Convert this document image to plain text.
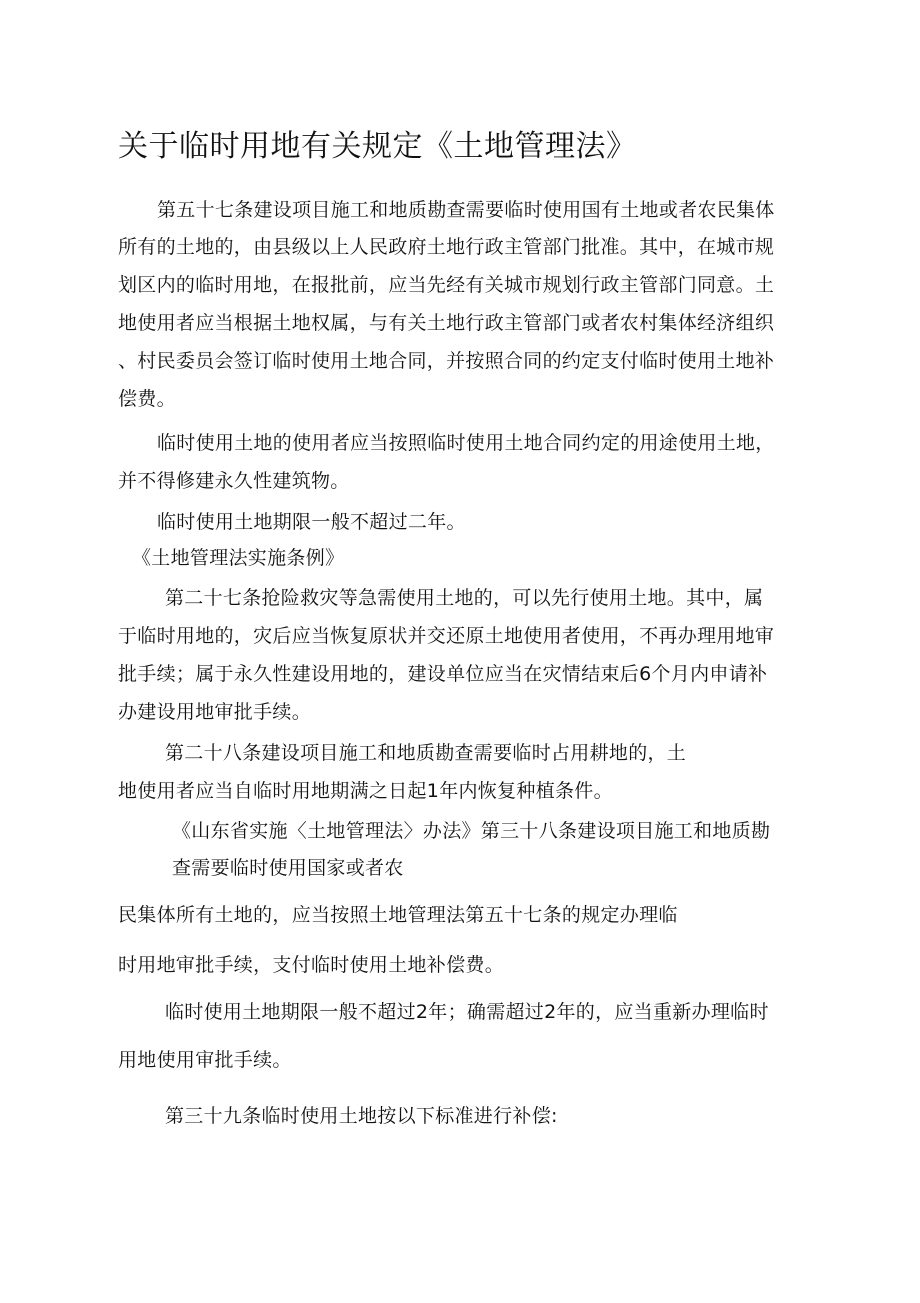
关于临时用地有关规定《土地管理法》
第五十七条建设项目施工和地质勘查需要临时使用国有土地或者农民集体
所有的土地的，由县级以上人民政府土地行政主管部门批准。其中，在城市规
划区内的临时用地，在报批前，应当先经有关城市规划行政主管部门同意。土
地使用者应当根据土地权属，与有关土地行政主管部门或者农村集体经济组织
、村民委员会签订临时使用土地合同，并按照合同的约定支付临时使用土地补
偿费。
临时使用土地的使用者应当按照临时使用土地合同约定的用途使用土地，
并不得修建永久性建筑物。
临时使用土地期限一般不超过二年。
《土地管理法实施条例》
第二十七条抢险救灾等急需使用土地的，可以先行使用土地。其中，属
于临时用地的，灾后应当恢复原状并交还原土地使用者使用，不再办理用地审
批手续；属于永久性建设用地的，建设单位应当在灾情结束后6个月内申请补
办建设用地审批手续。
第二十八条建设项目施工和地质勘查需要临时占用耕地的，土
地使用者应当自临时用地期满之日起1年内恢复种植条件。
《山东省实施〈土地管理法〉办法》第三十八条建设项目施工和地质勘
查需要临时使用国家或者农
民集体所有土地的，应当按照土地管理法第五十七条的规定办理临
时用地审批手续，支付临时使用土地补偿费。
临时使用土地期限一般不超过2年；确需超过2年的，应当重新办理临时
用地使用审批手续。
第三十九条临时使用土地按以下标准进行补偿:
